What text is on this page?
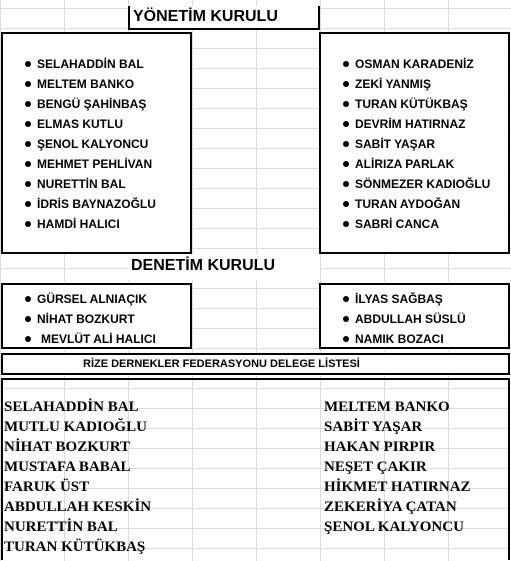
YÖNETİM KURULU
SELAHADDİN BAL
MELTEM BANKO
BENGÜ ŞAHİNBAŞ
ELMAS KUTLU
ŞENOL KALYONCU
MEHMET PEHLİVAN
NURETTİN BAL
İDRİS BAYNAZOĞLU
HAMDİ HALICI
OSMAN KARADENİZ
ZEKİ YANMIŞ
TURAN KÜTÜKBAŞ
DEVRİM HATIRNAZ
SABİT YAŞAR
ALİRIZA PARLAK
SÖNMEZER KADIOĞLU
TURAN AYDOĞAN
SABRİ CANCA
DENETİM KURULU
GÜRSEL ALNIAÇIK
NİHAT BOZKURT
MEVLÜT ALİ HALICI
İLYAS SAĞBAŞ
ABDULLAH SÜSLÜ
NAMIK BOZACI
RİZE DERNEKLER FEDERASYONU DELEGE LİSTESİ
SELAHADDİN BAL
MUTLU KADIOĞLU
NİHAT BOZKURT
MUSTAFA BABAL
FARUK ÜST
ABDULLAH KESKİN
NURETTİN BAL
TURAN KÜTÜKBAŞ
MELTEM BANKO
SABİT YAŞAR
HAKAN PIRPIR
NEŞET ÇAKIR
HİKMET HATIRNAZ
ZEKERİYA ÇATAN
ŞENOL KALYONCU
